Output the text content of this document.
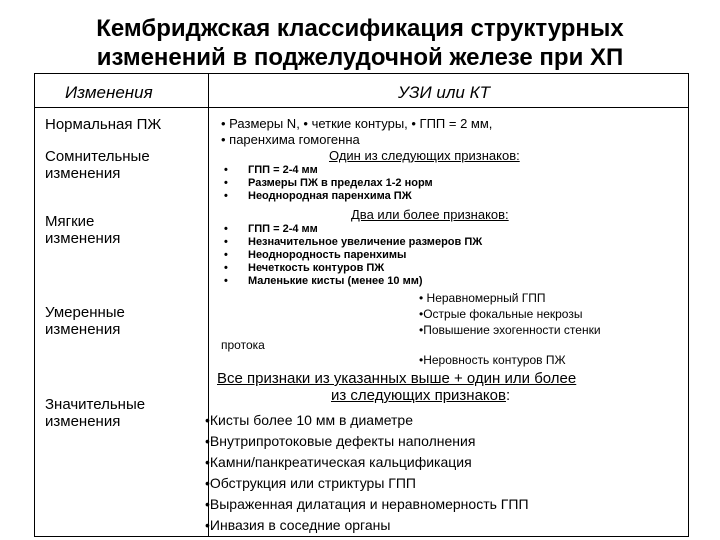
Кембриджская классификация структурных
изменений в поджелудочной железе при ХП
Изменения	УЗИ или КТ
Нормальная ПЖ
Сомнительные
изменения
Мягкие
изменения
Умеренные
изменения
Значительные
изменения
• Размеры N, • четкие контуры, • ГПП = 2 мм,
• паренхима гомогенна
Один из следующих признаков:
• ГПП = 2-4 мм
• Размеры ПЖ в пределах 1-2 норм
• Неоднородная паренхима ПЖ
Два или более признаков:
• ГПП = 2-4 мм
• Незначительное увеличение размеров ПЖ
• Неоднородность паренхимы
• Нечеткость контуров ПЖ
• Маленькие кисты (менее 10 мм)
• Неравномерный ГПП
•Острые фокальные некрозы
•Повышение эхогенности стенки
протока
•Неровность контуров ПЖ
Все признаки из указанных выше + один или более
из следующих признаков:
•Кисты более 10 мм в диаметре
•Внутрипротоковые дефекты наполнения
•Камни/панкреатическая кальцификация
•Обструкция или стриктуры ГПП
•Выраженная дилатация и неравномерность ГПП
•Инвазия в соседние органы
